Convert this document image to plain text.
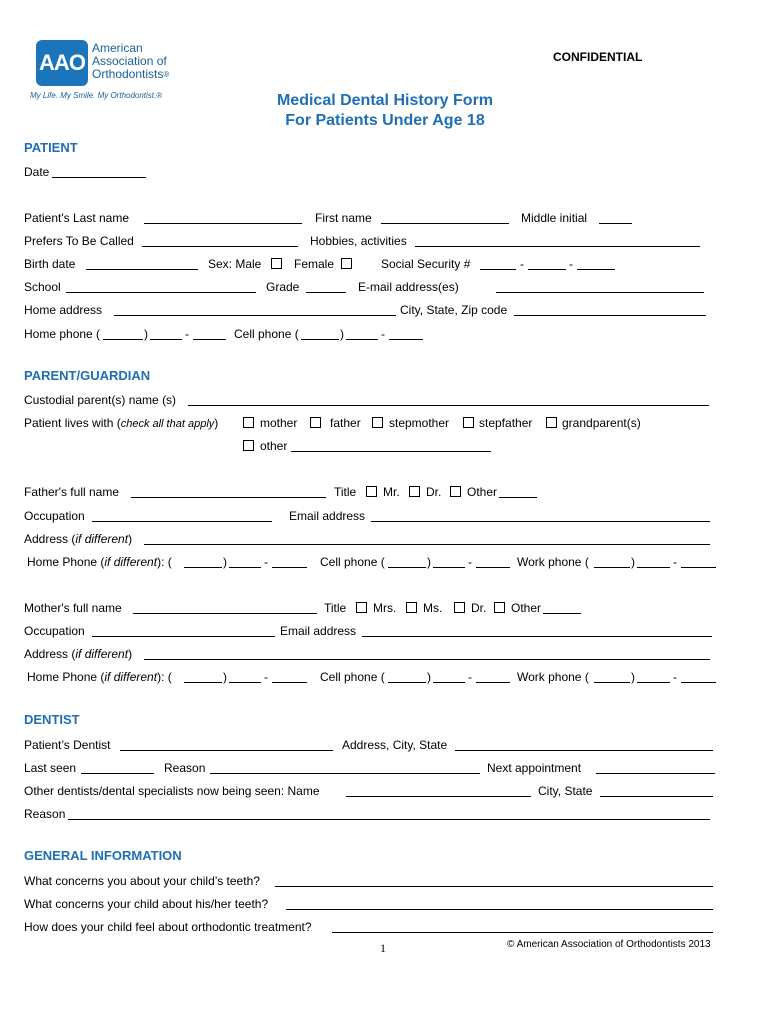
AAO
American
Association of
Orthodontists®
My Life. My Smile. My Orthodontist.®
CONFIDENTIAL
Medical Dental History Form
For Patients Under Age 18
PATIENT
Date
Patient's Last name	First name	Middle initial
Prefers To Be Called	Hobbies, activities
Birth date	Sex: Male	Female	Social Security #	-	-
School	Grade	E-mail address(es)
Home address	City, State, Zip code
Home phone (	)	-	Cell phone (	)	-
PARENT/GUARDIAN
Custodial parent(s) name (s)
Patient lives with (check all that apply)	mother	father stepmother stepfather grandparent(s)
other
Father's full name	Title Mr. Dr. Other
Occupation	Email address
Address (if different)
Home Phone (if different): (	)	-	Cell phone (	)	-	Work phone (	)	-
Mother's full name	Title Mrs. Ms. Dr. Other
Occupation	Email address
Address (if different)
Home Phone (if different): (	)	-	Cell phone (	)	-	Work phone (	)	-
DENTIST
Patient’s Dentist	Address, City, State
Last seen	Reason	Next appointment
Other dentists/dental specialists now being seen: Name	City, State
Reason
GENERAL INFORMATION
What concerns you about your child’s teeth?
What concerns your child about his/her teeth?
How does your child feel about orthodontic treatment?
1	© American Association of Orthodontists 2013
